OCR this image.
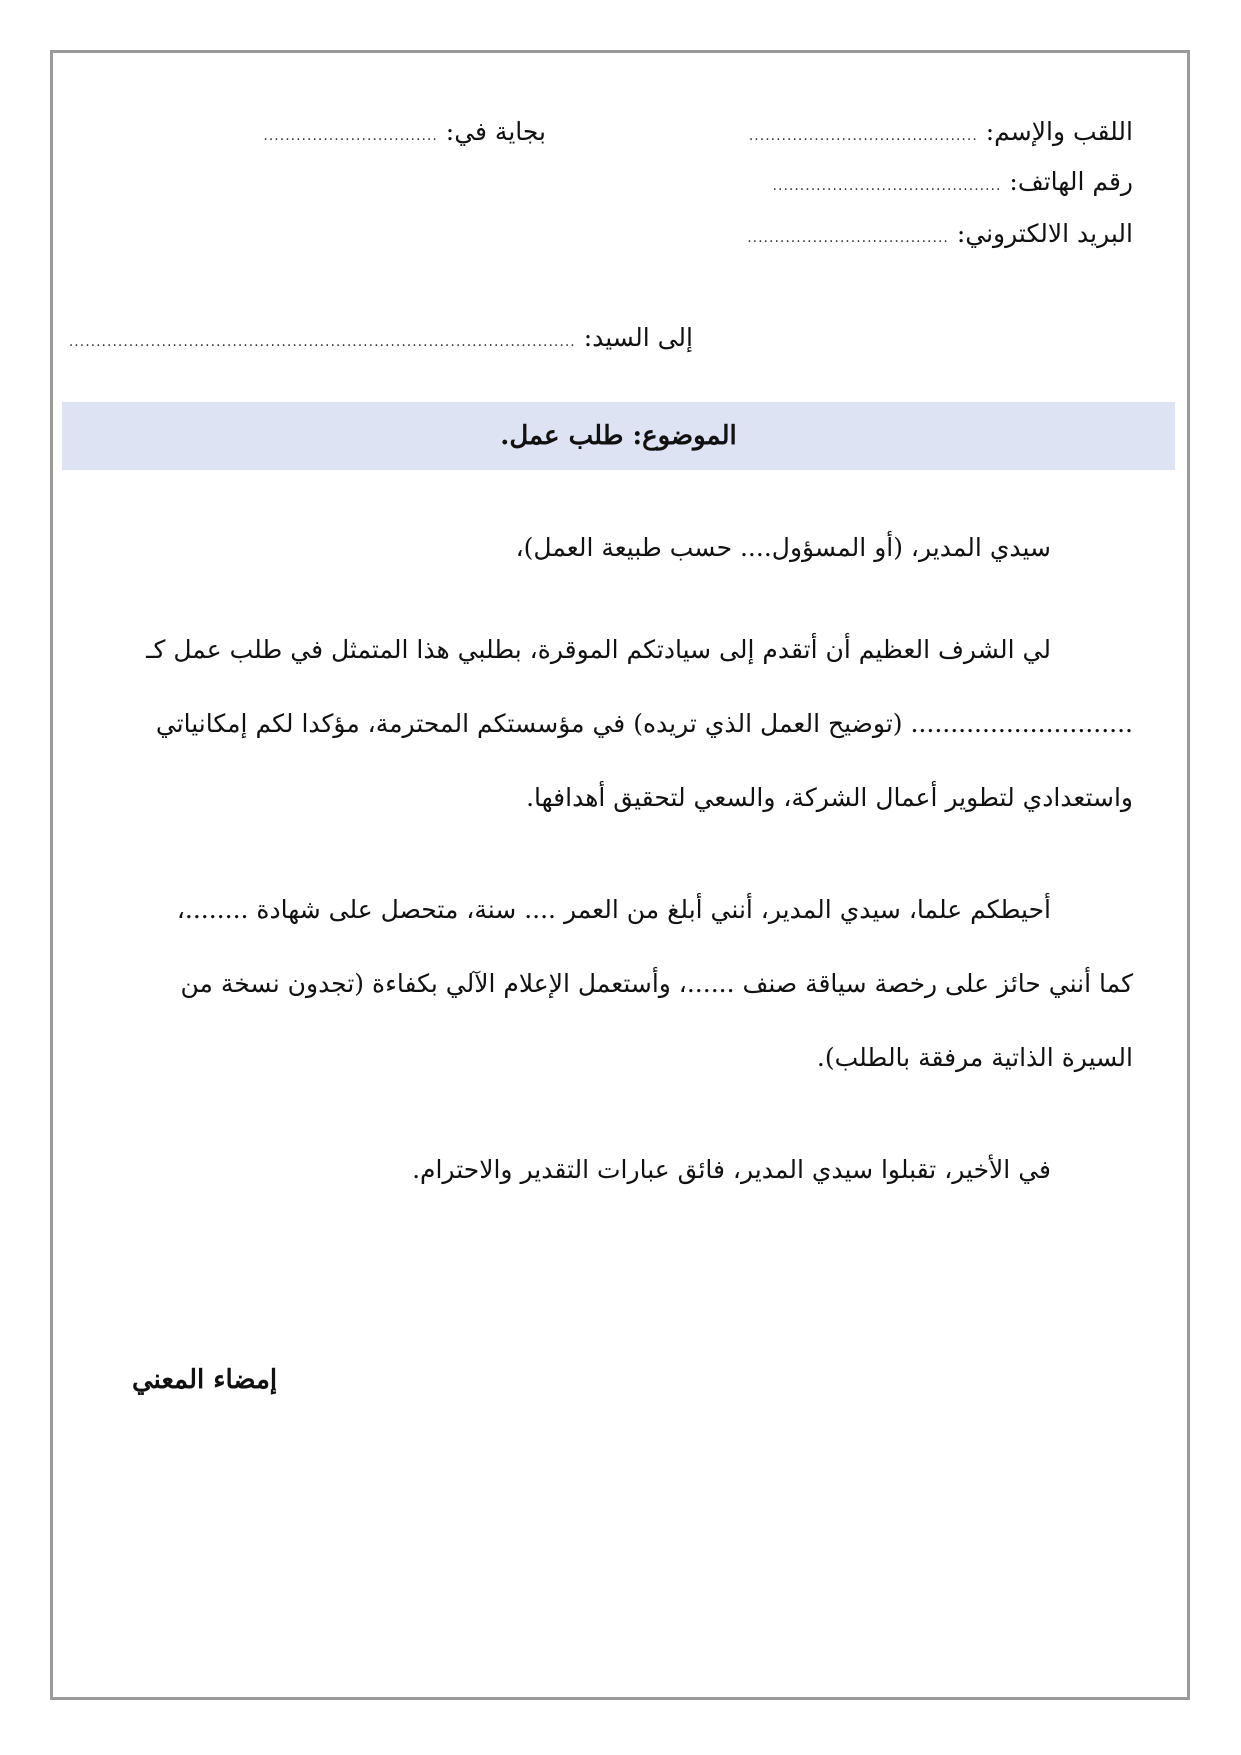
اللقب والإسم: ..........................................
بجاية في: ................................
رقم الهاتف: ..........................................
البريد الالكتروني: .....................................
إلى السيد: .............................................................................................
الموضوع: طلب عمل.
سيدي المدير، (أو المسؤول.... حسب طبيعة العمل)،
لي الشرف العظيم أن أتقدم إلى سيادتكم الموقرة، بطلبي هذا المتمثل في طلب عمل كـ
............................ (توضيح العمل الذي تريده) في مؤسستكم المحترمة، مؤكدا لكم إمكانياتي
واستعدادي لتطوير أعمال الشركة، والسعي لتحقيق أهدافها.
أحيطكم علما، سيدي المدير، أنني أبلغ من العمر .... سنة، متحصل على شهادة ........،
كما أنني حائز على رخصة سياقة صنف ......، وأستعمل الإعلام الآلي بكفاءة (تجدون نسخة من
السيرة الذاتية مرفقة بالطلب).
في الأخير، تقبلوا سيدي المدير، فائق عبارات التقدير والاحترام.
إمضاء المعني
